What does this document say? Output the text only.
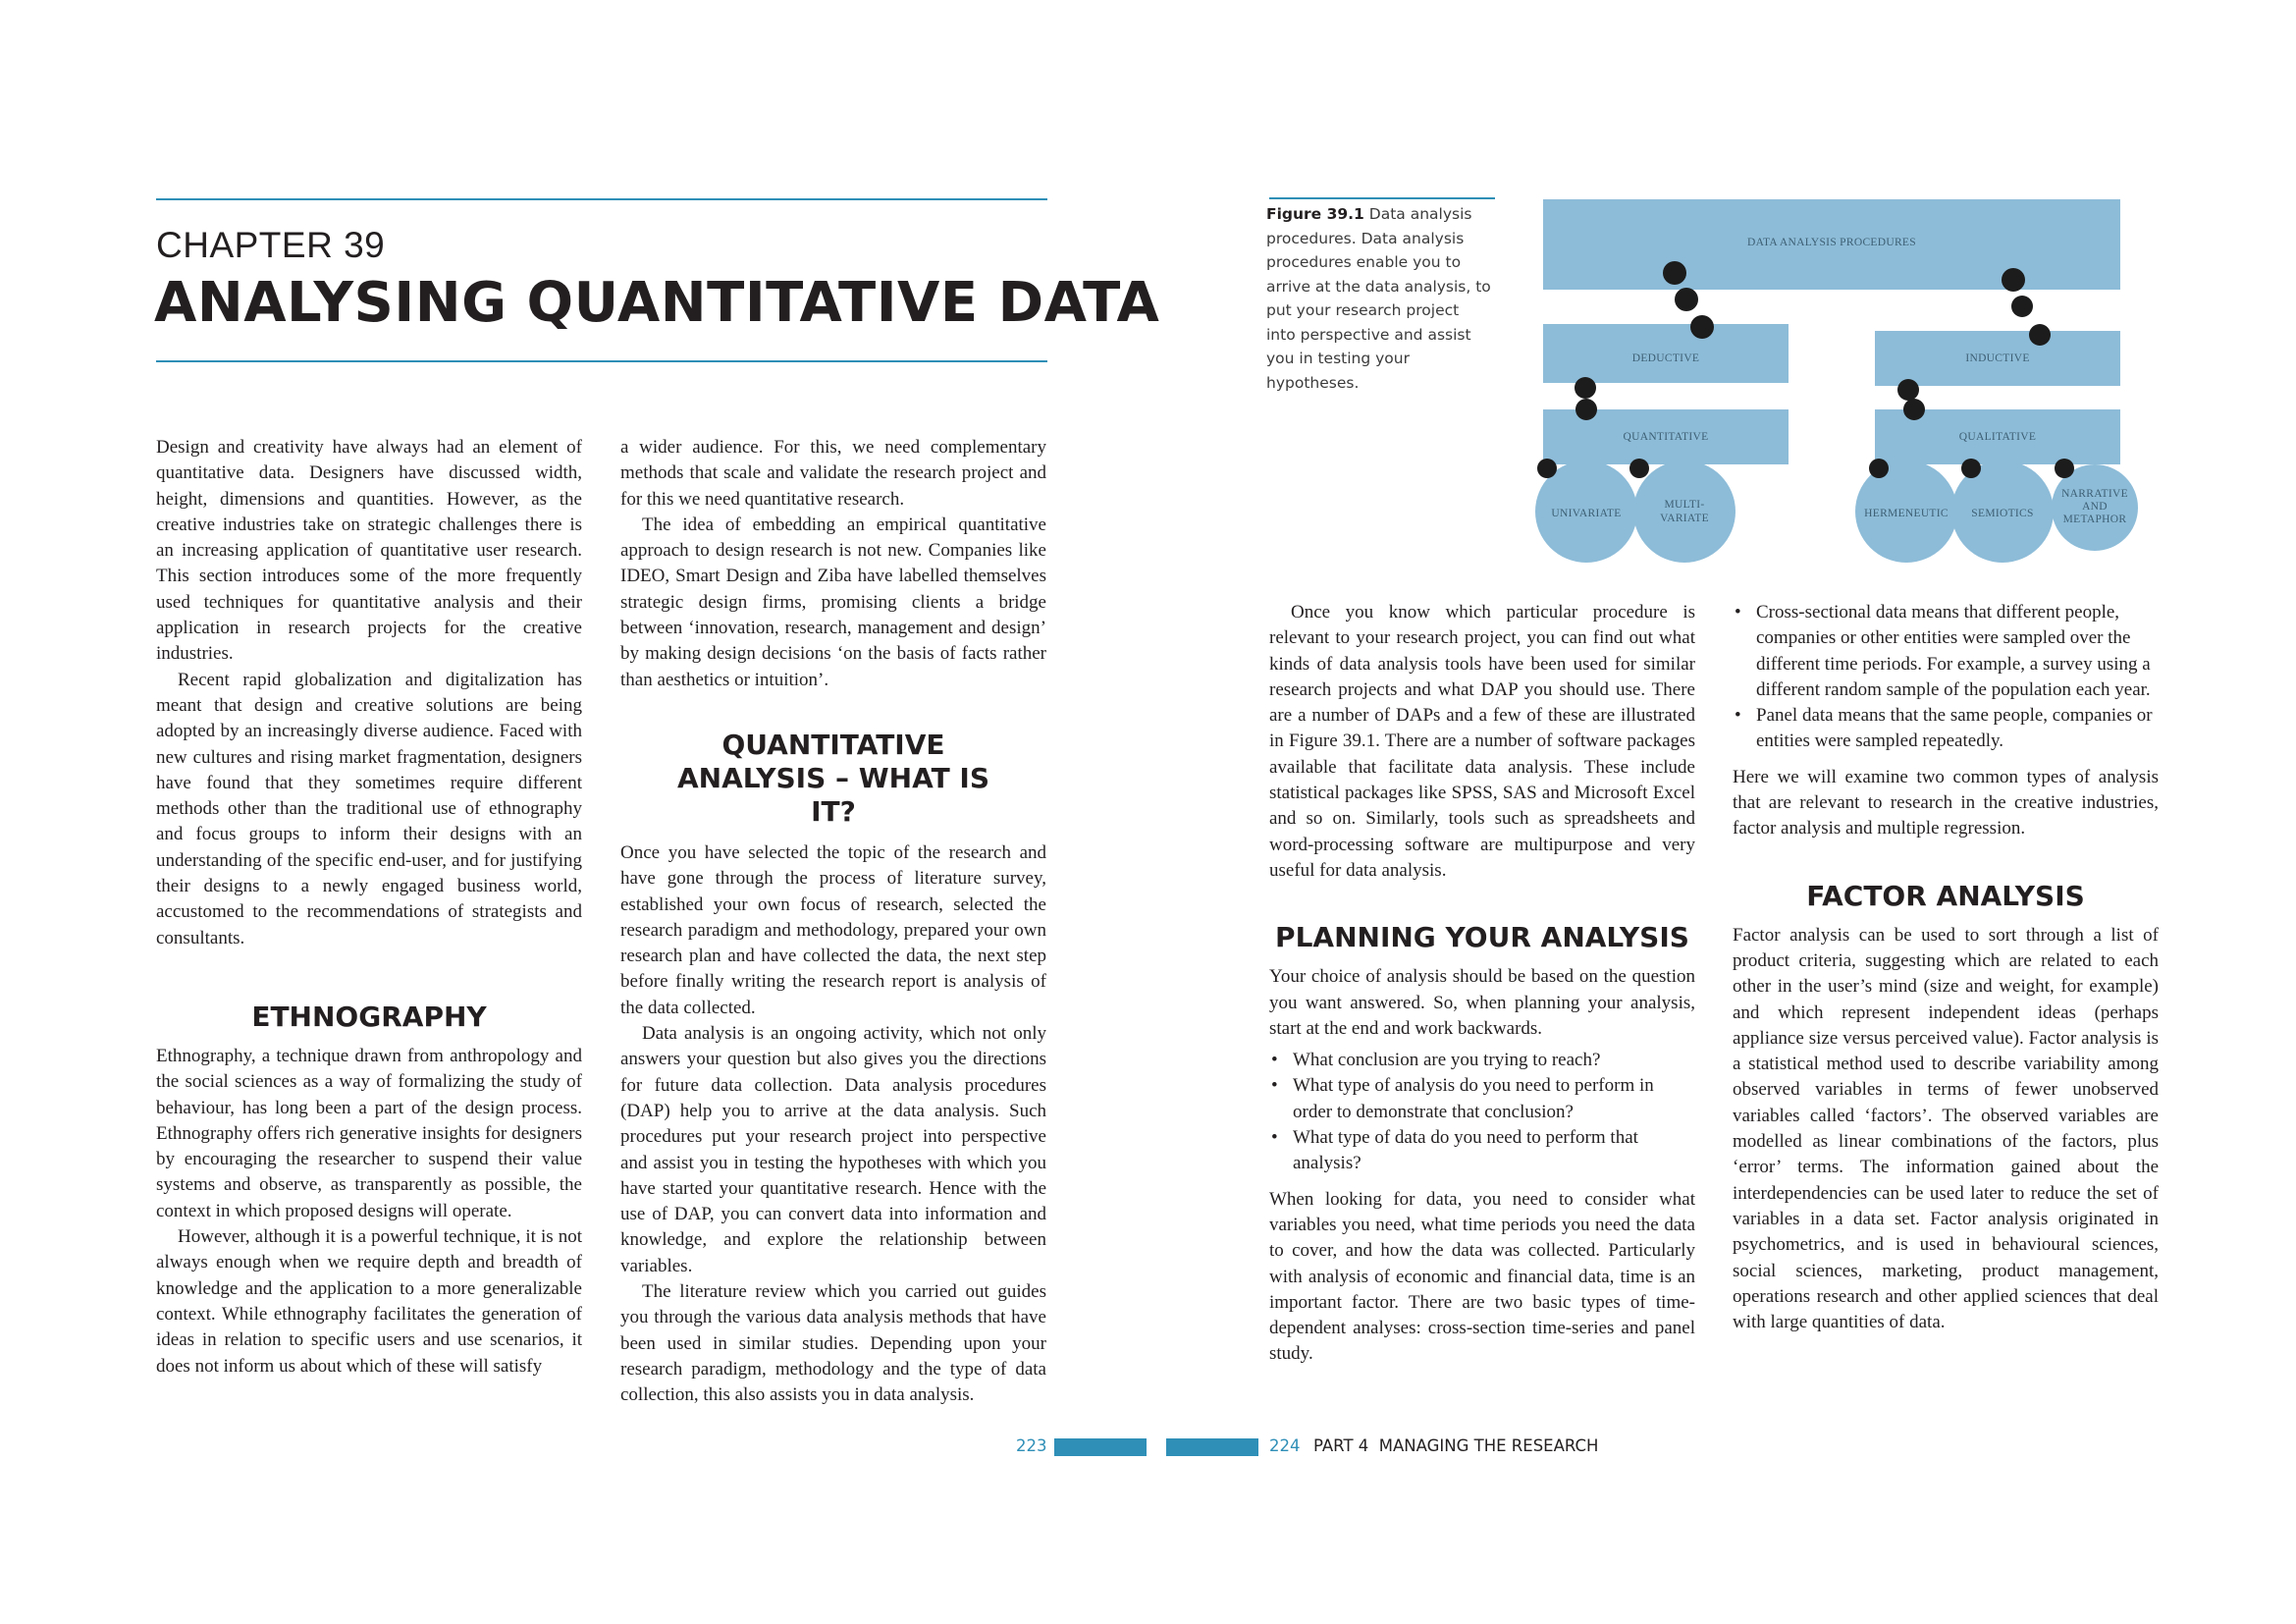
CHAPTER 39
ANALYSING QUANTITATIVE DATA

Design and creativity have always had an element of quantitative data. Designers have discussed width, height, dimensions and quantities. However, as the creative industries take on strategic challenges there is an increasing application of quantitative user research. This section introduces some of the more frequently used techniques for quantitative analysis and their application in research projects for the creative industries.

Recent rapid globalization and digitalization has meant that design and creative solutions are being adopted by an increasingly diverse audience. Faced with new cultures and rising market fragmentation, designers have found that they sometimes require different methods other than the traditional use of ethnography and focus groups to inform their designs with an understanding of the specific end-user, and for justifying their designs to a newly engaged business world, accustomed to the recommendations of strategists and consultants.

ETHNOGRAPHY

Ethnography, a technique drawn from anthropology and the social sciences as a way of formalizing the study of behaviour, has long been a part of the design process. Ethnography offers rich generative insights for designers by encouraging the researcher to suspend their value systems and observe, as transparently as possible, the context in which proposed designs will operate.

However, although it is a powerful technique, it is not always enough when we require depth and breadth of knowledge and the application to a more generalizable context. While ethnography facilitates the generation of ideas in relation to specific users and use scenarios, it does not inform us about which of these will satisfy

a wider audience. For this, we need complementary methods that scale and validate the research project and for this we need quantitative research.

The idea of embedding an empirical quantitative approach to design research is not new. Companies like IDEO, Smart Design and Ziba have labelled themselves strategic design firms, promising clients a bridge between ‘innovation, research, management and design’ by making design decisions ‘on the basis of facts rather than aesthetics or intuition’.

QUANTITATIVE ANALYSIS – WHAT IS IT?

Once you have selected the topic of the research and have gone through the process of literature survey, established your own focus of research, selected the research paradigm and methodology, prepared your own research plan and have collected the data, the next step before finally writing the research report is analysis of the data collected.

Data analysis is an ongoing activity, which not only answers your question but also gives you the directions for future data collection. Data analysis procedures (DAP) help you to arrive at the data analysis. Such procedures put your research project into perspective and assist you in testing the hypotheses with which you have started your quantitative research. Hence with the use of DAP, you can convert data into information and knowledge, and explore the relationship between variables.

The literature review which you carried out guides you through the various data analysis methods that have been used in similar studies. Depending upon your research paradigm, methodology and the type of data collection, this also assists you in data analysis.

Figure 39.1 Data analysis procedures. Data analysis procedures enable you to arrive at the data analysis, to put your research project into perspective and assist you in testing your hypotheses.
DATA ANALYSIS PROCEDURES
DEDUCTIVE	INDUCTIVE
QUANTITATIVE	QUALITATIVE
UNIVARIATE
MULTI-
VARIATE	HERMENEUTIC SEMIOTICS
NARRATIVE
AND
METAPHOR

Once you know which particular procedure is relevant to your research project, you can find out what kinds of data analysis tools have been used for similar research projects and what DAP you should use. There are a number of DAPs and a few of these are illustrated in Figure 39.1. There are a number of software packages available that facilitate data analysis. These include statistical packages like SPSS, SAS and Microsoft Excel and so on. Similarly, tools such as spreadsheets and word-processing software are multipurpose and very useful for data analysis.

PLANNING YOUR ANALYSIS

Your choice of analysis should be based on the question you want answered. So, when planning your analysis, start at the end and work backwards.

• What conclusion are you trying to reach?
• What type of analysis do you need to perform in order to demonstrate that conclusion?
• What type of data do you need to perform that analysis?

When looking for data, you need to consider what variables you need, what time periods you need the data to cover, and how the data was collected. Particularly with analysis of economic and financial data, time is an important factor. There are two basic types of time-dependent analyses: cross-section time-series and panel study.

• Cross-sectional data means that different people, companies or other entities were sampled over the different time periods. For example, a survey using a different random sample of the population each year.
• Panel data means that the same people, companies or entities were sampled repeatedly.

Here we will examine two common types of analysis that are relevant to research in the creative industries, factor analysis and multiple regression.

FACTOR ANALYSIS

Factor analysis can be used to sort through a list of product criteria, suggesting which are related to each other in the user’s mind (size and weight, for example) and which represent independent ideas (perhaps appliance size versus perceived value). Factor analysis is a statistical method used to describe variability among observed variables in terms of fewer unobserved variables called ‘factors’. The observed variables are modelled as linear combinations of the factors, plus ‘error’ terms. The information gained about the interdependencies can be used later to reduce the set of variables in a data set. Factor analysis originated in psychometrics, and is used in behavioural sciences, social sciences, marketing, product management, operations research and other applied sciences that deal with large quantities of data.

223	224 PART 4  MANAGING THE RESEARCH
